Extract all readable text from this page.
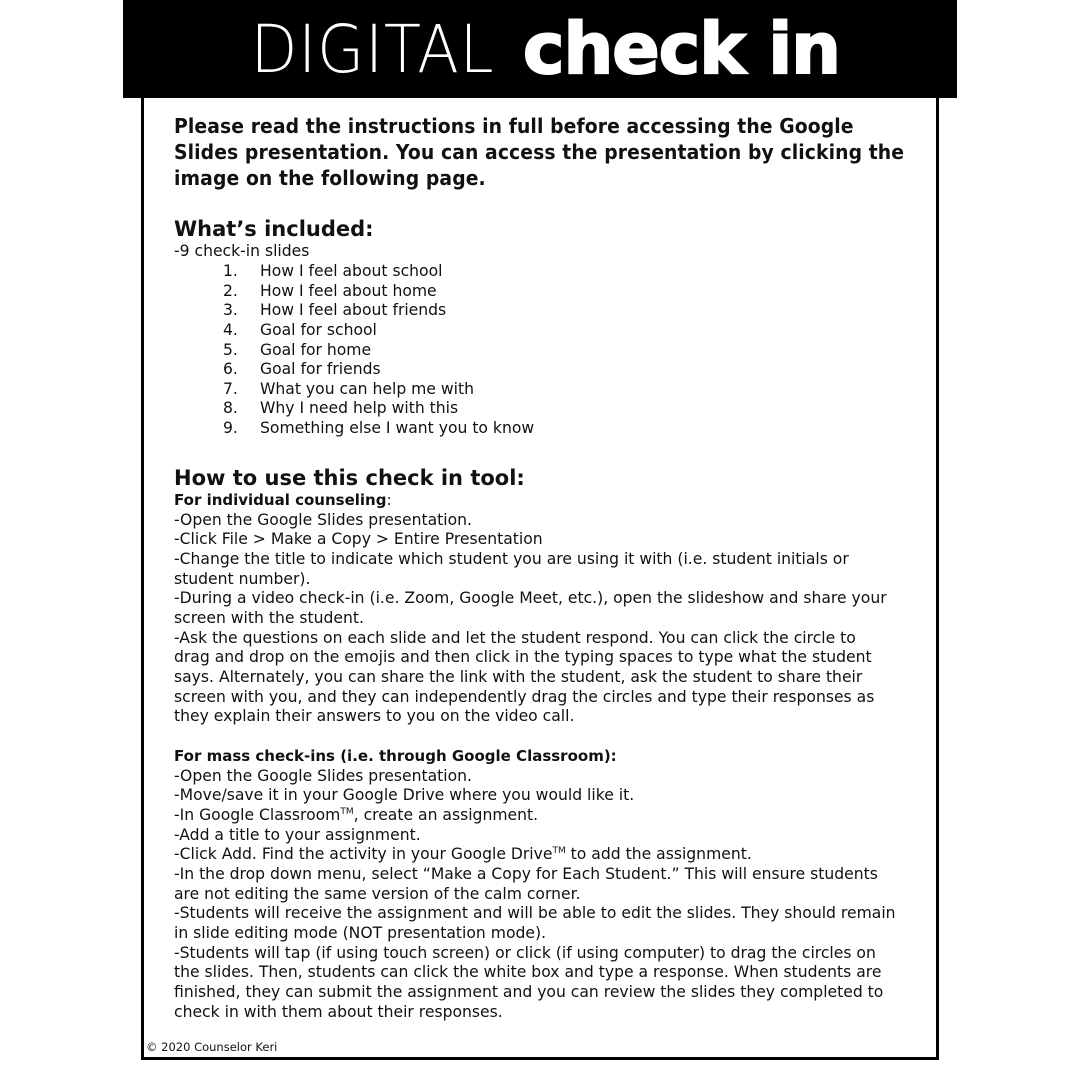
DIGITAL check in
Please read the instructions in full before accessing the Google
Slides presentation. You can access the presentation by clicking the
image on the following page.
What’s included:
-9 check-in slides
1. How I feel about school
2. How I feel about home
3. How I feel about friends
4. Goal for school
5. Goal for home
6. Goal for friends
7. What you can help me with
8. Why I need help with this
9. Something else I want you to know
How to use this check in tool:
For individual counseling:
-Open the Google Slides presentation.
-Click File > Make a Copy > Entire Presentation
-Change the title to indicate which student you are using it with (i.e. student initials or
student number).
-During a video check-in (i.e. Zoom, Google Meet, etc.), open the slideshow and share your
screen with the student.
-Ask the questions on each slide and let the student respond. You can click the circle to
drag and drop on the emojis and then click in the typing spaces to type what the student
says. Alternately, you can share the link with the student, ask the student to share their
screen with you, and they can independently drag the circles and type their responses as
they explain their answers to you on the video call.
For mass check-ins (i.e. through Google Classroom):
-Open the Google Slides presentation.
-Move/save it in your Google Drive where you would like it.
-In Google Classroom™, create an assignment.
-Add a title to your assignment.
-Click Add. Find the activity in your Google Drive™ to add the assignment.
-In the drop down menu, select “Make a Copy for Each Student.” This will ensure students
are not editing the same version of the calm corner.
-Students will receive the assignment and will be able to edit the slides. They should remain
in slide editing mode (NOT presentation mode).
-Students will tap (if using touch screen) or click (if using computer) to drag the circles on
the slides. Then, students can click the white box and type a response. When students are
finished, they can submit the assignment and you can review the slides they completed to
check in with them about their responses.
© 2020 Counselor Keri
